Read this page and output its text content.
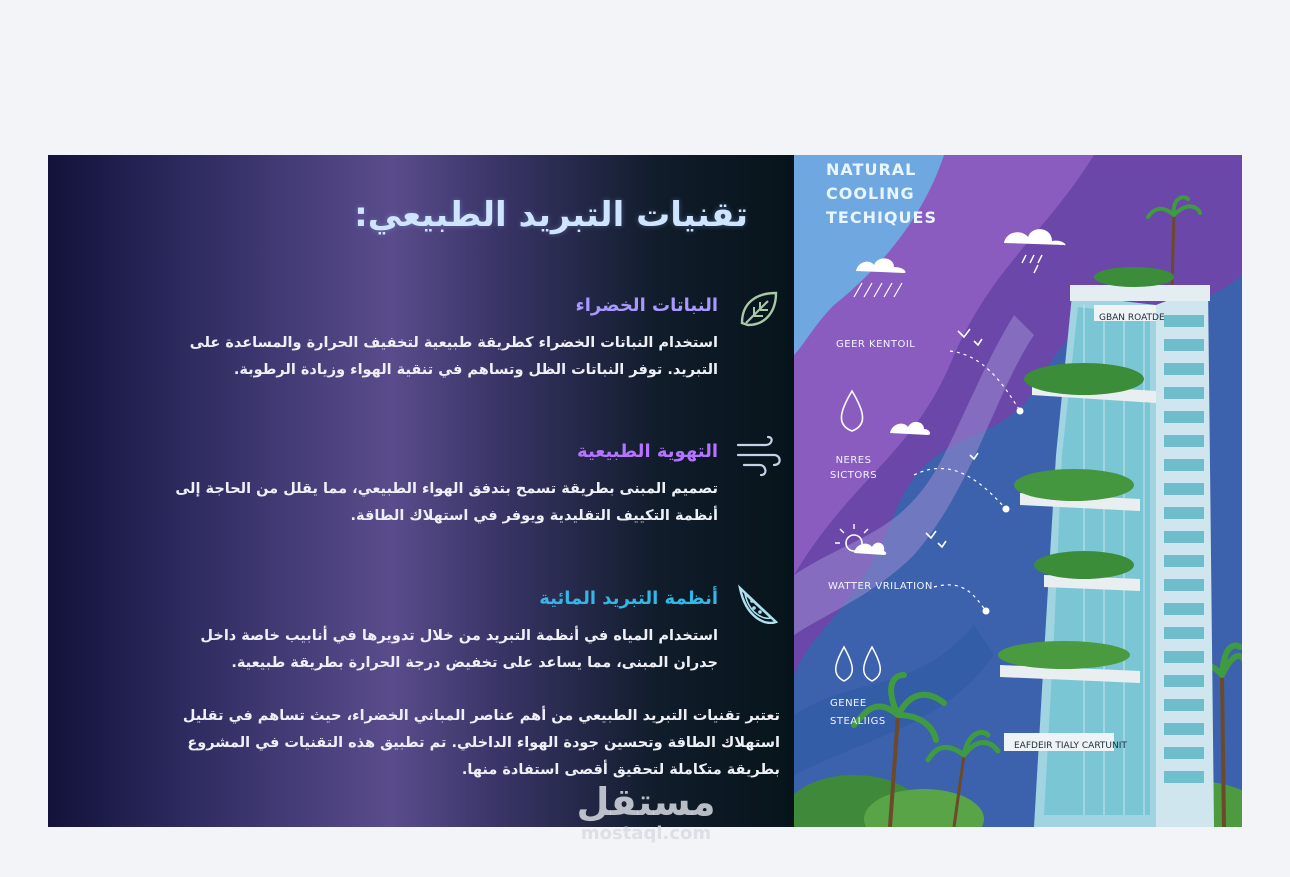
تقنيات التبريد الطبيعي:
النباتات الخضراء

استخدام النباتات الخضراء كطريقة طبيعية لتخفيف الحرارة والمساعدة على التبريد. توفر النباتات الظل وتساهم في تنقية الهواء وزيادة الرطوبة.

التهوية الطبيعية

تصميم المبنى بطريقة تسمح بتدفق الهواء الطبيعي، مما يقلل من الحاجة إلى أنظمة التكييف التقليدية ويوفر في استهلاك الطاقة.

أنظمة التبريد المائية

استخدام المياه في أنظمة التبريد من خلال تدويرها في أنابيب خاصة داخل جدران المبنى، مما يساعد على تخفيض درجة الحرارة بطريقة طبيعية.

تعتبر تقنيات التبريد الطبيعي من أهم عناصر المباني الخضراء، حيث تساهم في تقليل استهلاك الطاقة وتحسين جودة الهواء الداخلي. تم تطبيق هذه التقنيات في المشروع بطريقة متكاملة لتحقيق أقصى استفادة منها.

NATURAL
COOLING
TECHIQUES
GEER KENTOIL
NERES
SICTORS
WATTER VRILATION
GENEE
STEALIIGS
GBAN ROATDE
EAFDEIR TIALY CARTUNIT
مستقل
mostaql.com
